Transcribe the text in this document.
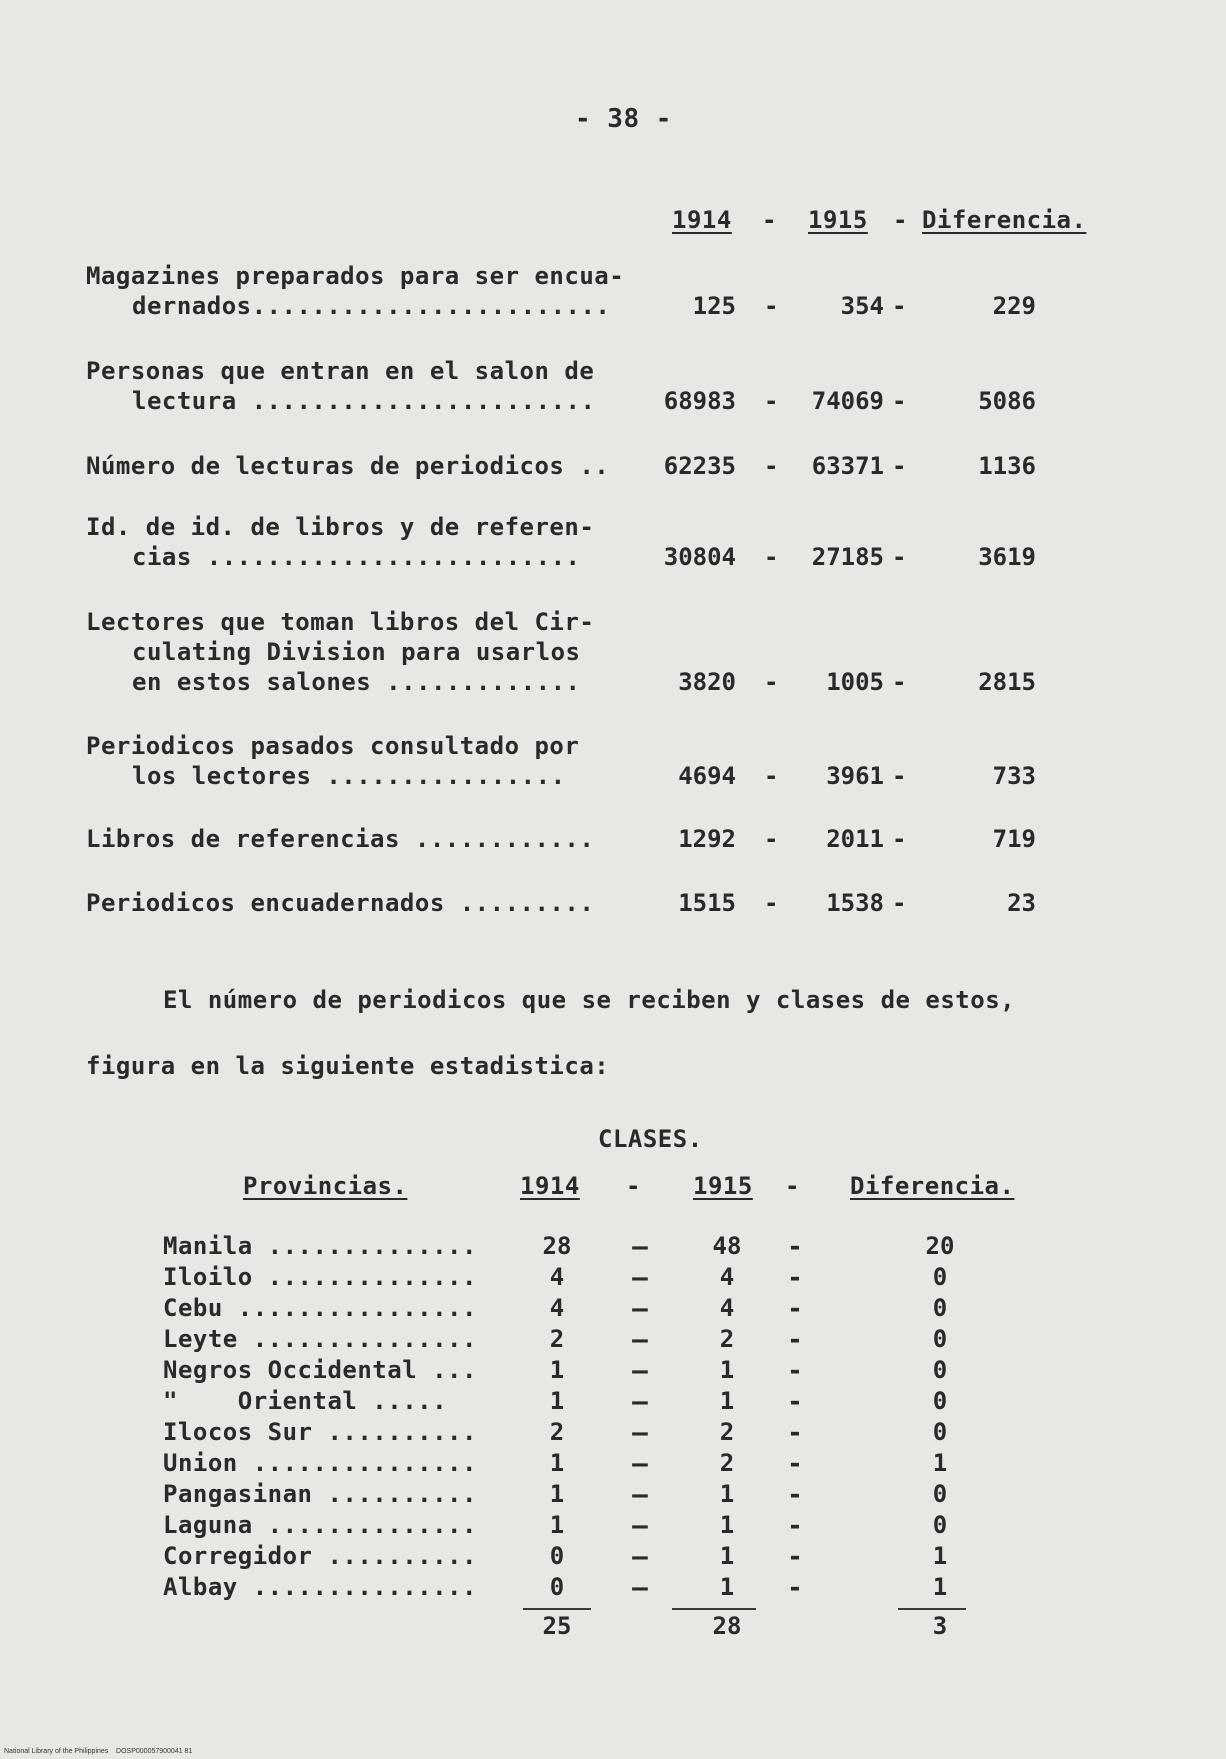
- 38 -
1914 - 1915 - Diferencia.
Magazines preparados para ser encua-
dernados........................	125	354	229
-	-
Personas que entran en el salon de
lectura .......................	68983	74069	5086
-	-
Número de lecturas de periodicos ..	62235	63371	1136
-	-
Id. de id. de libros y de referen-
cias .........................	30804	27185	3619
-	-
Lectores que toman libros del Cir-
culating Division para usarlos
en estos salones .............	3820	1005	2815
-	-
Periodicos pasados consultado por
los lectores ................	4694	3961	733
-	-
Libros de referencias ............	1292	2011	719
-	-
Periodicos encuadernados .........	1515	1538	23
-	-
El número de periodicos que se reciben y clases de estos,
figura en la siguiente estadistica:
CLASES.
Provincias.	1914 - 1915 - Diferencia.
Manila ..............	28	—	48 -	20
Iloilo ..............	4	—	4	-	0
Cebu ................	4	—	4	-	0
Leyte ...............	2	—	2	-	0
Negros Occidental ...	1	—	1	-	0
"    Oriental .....	1	—	1	-	0
Ilocos Sur ..........	2	—	2	-	0
Union ...............	1	—	2	-	1
Pangasinan ..........	1	—	1	-	0
Laguna ..............	1	—	1	-	0
Corregidor ..........	0	—	1	-	1
Albay ...............	0	—	1	-	1
25	28	3
National Library of the Philippines    DOSP000057900041 81
